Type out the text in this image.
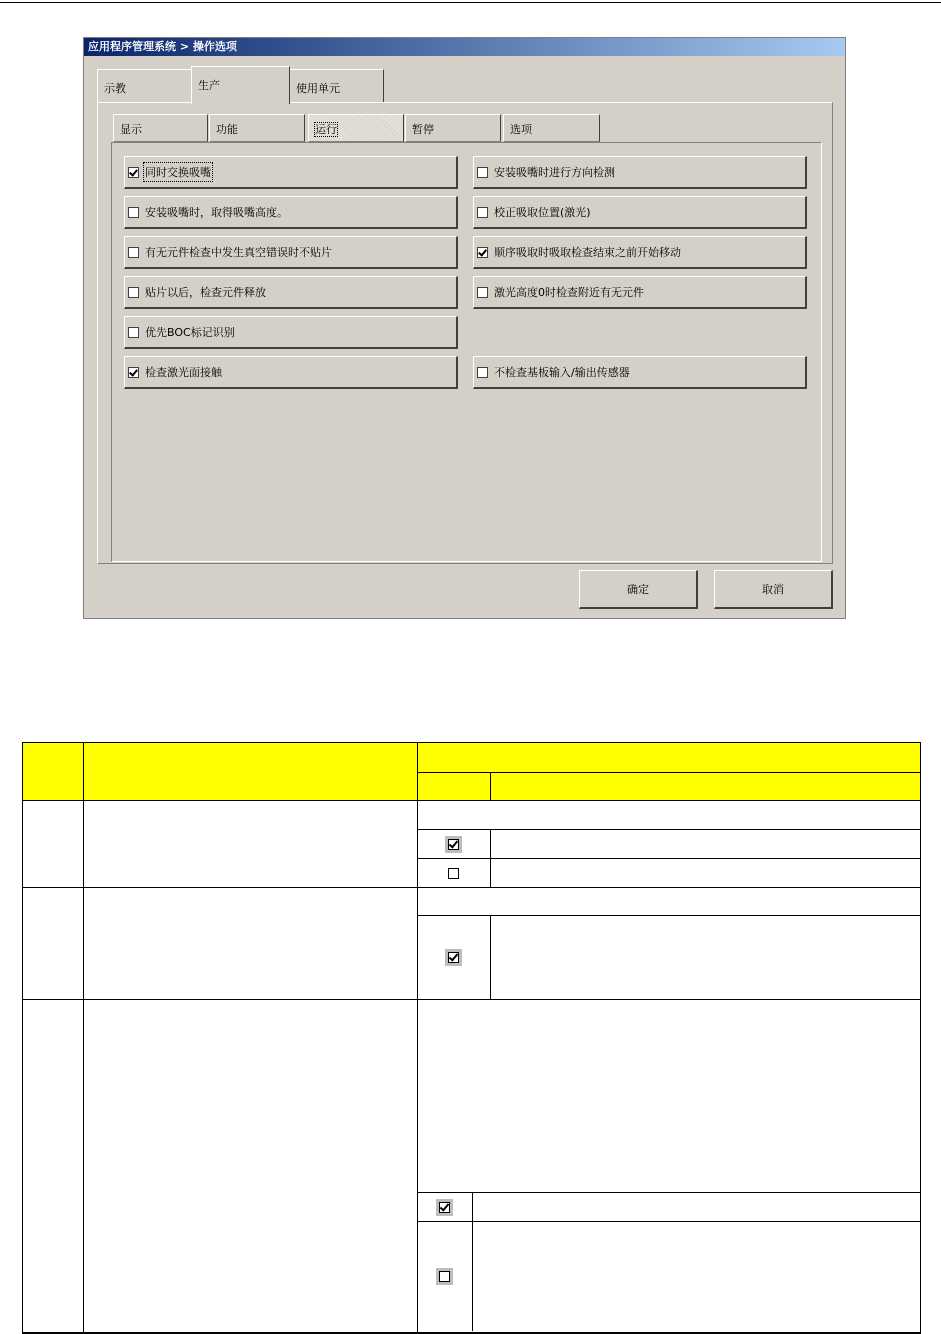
应用程序管理系统 > 操作选项
示教	生产	使用单元
显示	功能	运行	暂停	选项
同时交换吸嘴
安装吸嘴时，取得吸嘴高度。
有无元件检查中发生真空错误时不贴片
贴片以后，检查元件释放
优先BOC标记识别
检查激光面接触
安装吸嘴时进行方向检测
校正吸取位置(激光)
顺序吸取时吸取检查结束之前开始移动
激光高度0时检查附近有无元件
不检查基板输入/输出传感器
确定	取消
